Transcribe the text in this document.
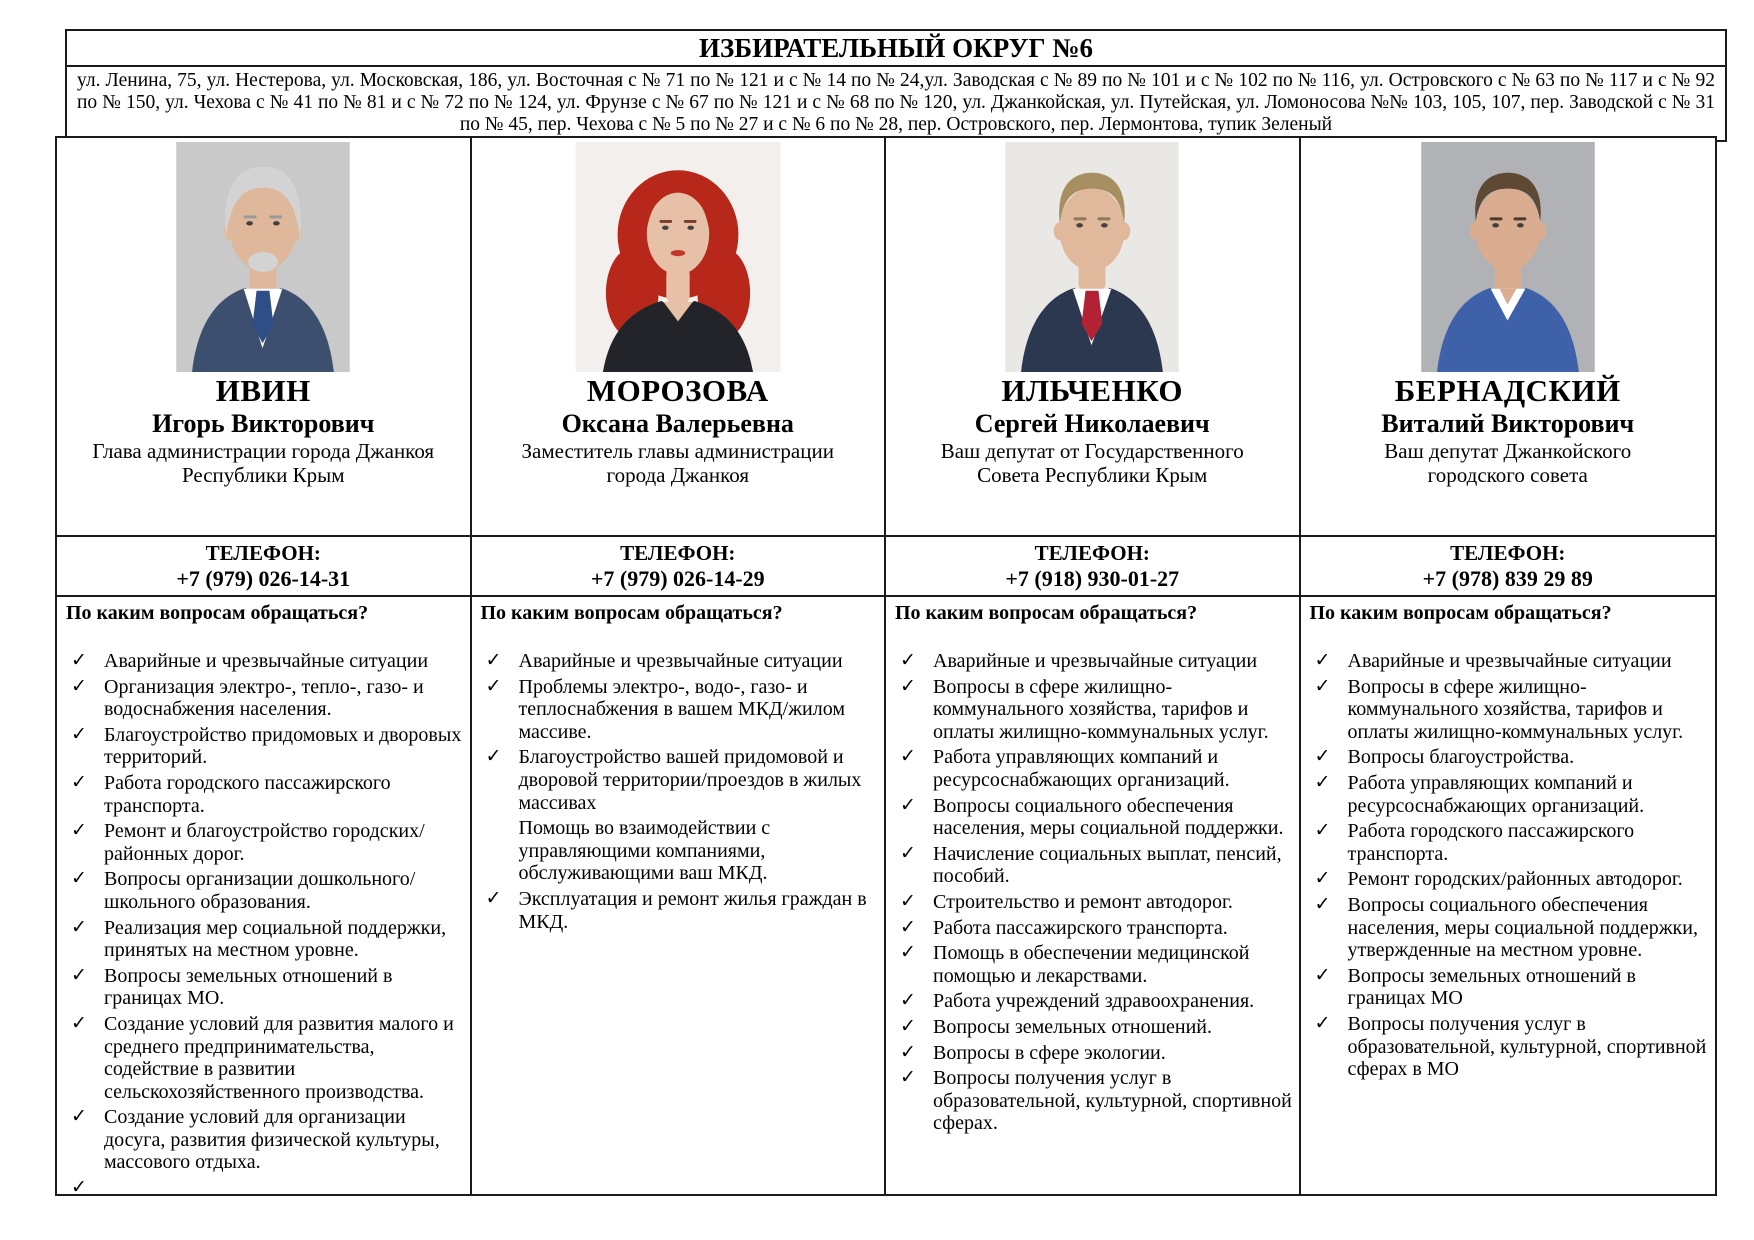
ИЗБИРАТЕЛЬНЫЙ ОКРУГ №6
ул. Ленина, 75, ул. Нестерова, ул. Московская, 186, ул. Восточная с № 71 по № 121 и с № 14 по № 24,ул. Заводская с № 89 по № 101 и с № 102 по № 116, ул. Островского с № 63 по № 117 и с № 92 по № 150, ул. Чехова с № 41 по № 81 и с № 72 по № 124, ул. Фрунзе с № 67 по № 121 и с № 68 по № 120, ул. Джанкойская, ул. Путейская, ул. Ломоносова №№ 103, 105, 107, пер. Заводской с № 31 по № 45, пер. Чехова с № 5 по № 27 и с № 6 по № 28, пер. Островского, пер. Лермонтова, тупик Зеленый
ИВИН
Игорь Викторович
Глава администрации города Джанкоя Республики Крым
МОРОЗОВА
Оксана Валерьевна
Заместитель главы администрации города Джанкоя
ИЛЬЧЕНКО
Сергей Николаевич
Ваш депутат от Государственного Совета Республики Крым
БЕРНАДСКИЙ
Виталий Викторович
Ваш депутат Джанкойского городского совета
ТЕЛЕФОН:
+7 (979) 026-14-31
ТЕЛЕФОН:
+7 (979) 026-14-29
ТЕЛЕФОН:
+7 (918) 930-01-27
ТЕЛЕФОН:
+7 (978) 839 29 89

По каким вопросам обращаться?

✓ Аварийные и чрезвычайные ситуации
✓ Организация электро-, тепло-, газо- и водоснабжения населения.
✓ Благоустройство придомовых и дворовых территорий.
✓ Работа городского пассажирского транспорта.
✓ Ремонт и благоустройство городских/районных дорог.
✓ Вопросы организации дошкольного/школьного образования.
✓ Реализация мер социальной поддержки, принятых на местном уровне.
✓ Вопросы земельных отношений в границах МО.
✓ Создание условий для развития малого и среднего предпринимательства, содействие в развитии сельскохозяйственного производства.
✓ Создание условий для организации досуга, развития физической культуры, массового отдыха.
✓

По каким вопросам обращаться?

✓ Аварийные и чрезвычайные ситуации
✓ Проблемы электро-, водо-, газо- и теплоснабжения в вашем МКД/жилом массиве.
✓ Благоустройство вашей придомовой и дворовой территории/проездов в жилых массивах
Помощь во взаимодействии с управляющими компаниями, обслуживающими ваш МКД.
✓ Эксплуатация и ремонт жилья граждан в МКД.

По каким вопросам обращаться?

✓ Аварийные и чрезвычайные ситуации
✓ Вопросы в сфере жилищно-коммунального хозяйства, тарифов и оплаты жилищно-коммунальных услуг.
✓ Работа управляющих компаний и ресурсоснабжающих организаций.
✓ Вопросы социального обеспечения населения, меры социальной поддержки.
✓ Начисление социальных выплат, пенсий, пособий.
✓ Строительство и ремонт автодорог.
✓ Работа пассажирского транспорта.
✓ Помощь в обеспечении медицинской помощью и лекарствами.
✓ Работа учреждений здравоохранения.
✓ Вопросы земельных отношений.
✓ Вопросы в сфере экологии.
✓ Вопросы получения услуг в образовательной, культурной, спортивной сферах.

По каким вопросам обращаться?

✓ Аварийные и чрезвычайные ситуации
✓ Вопросы в сфере жилищно-коммунального хозяйства, тарифов и оплаты жилищно-коммунальных услуг.
✓ Вопросы благоустройства.
✓ Работа управляющих компаний и ресурсоснабжающих организаций.
✓ Работа городского пассажирского транспорта.
✓ Ремонт городских/районных автодорог.
✓ Вопросы социального обеспечения населения, меры социальной поддержки, утвержденные на местном уровне.
✓ Вопросы земельных отношений в границах МО
✓ Вопросы получения услуг в образовательной, культурной, спортивной сферах в МО
